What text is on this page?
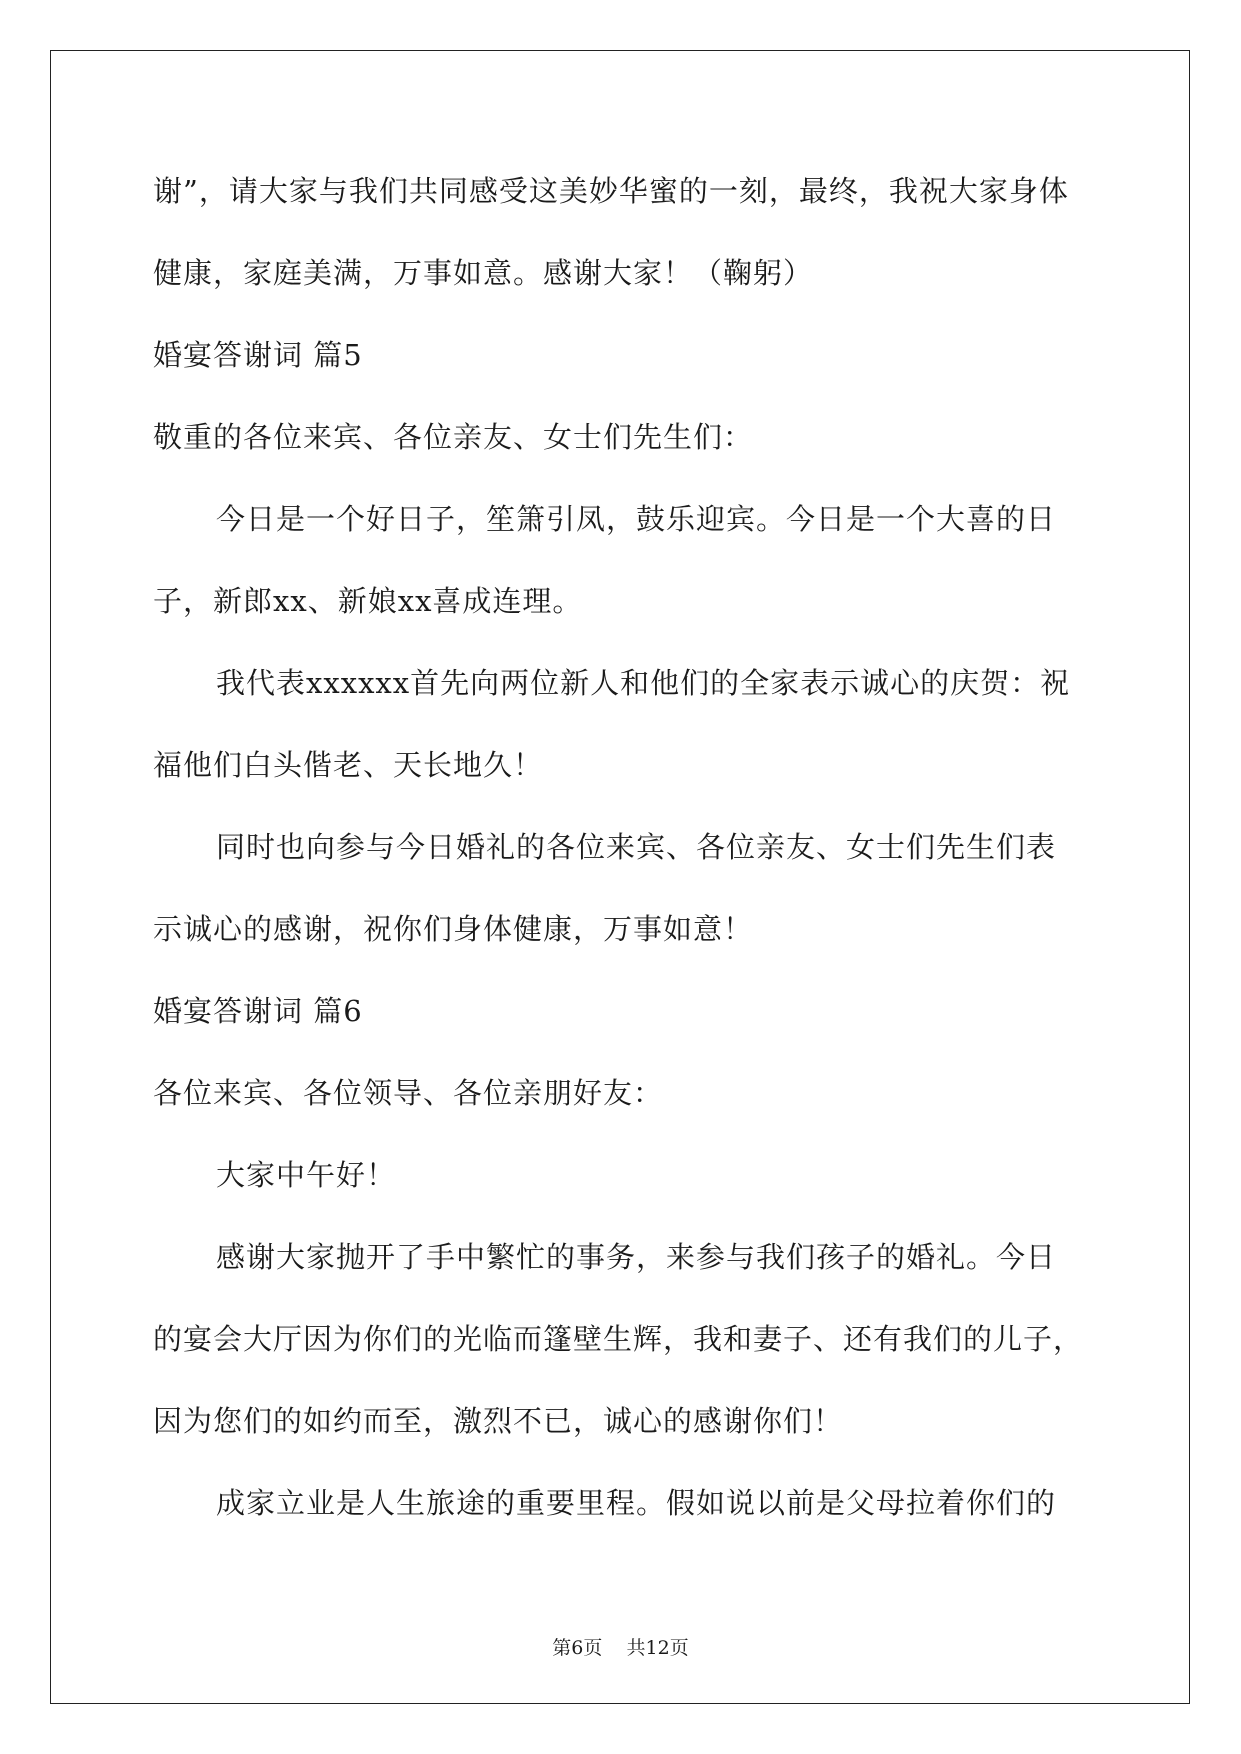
谢”，请大家与我们共同感受这美妙华蜜的一刻，最终，我祝大家身体
健康，家庭美满，万事如意。感谢大家！（鞠躬）
婚宴答谢词 篇5
敬重的各位来宾、各位亲友、女士们先生们：
今日是一个好日子，笙箫引凤，鼓乐迎宾。今日是一个大喜的日
子，新郎xx、新娘xx喜成连理。
我代表xxxxxx首先向两位新人和他们的全家表示诚心的庆贺：祝
福他们白头偕老、天长地久！
同时也向参与今日婚礼的各位来宾、各位亲友、女士们先生们表
示诚心的感谢，祝你们身体健康，万事如意！
婚宴答谢词 篇6
各位来宾、各位领导、各位亲朋好友：
大家中午好！
感谢大家抛开了手中繁忙的事务，来参与我们孩子的婚礼。今日
的宴会大厅因为你们的光临而篷壁生辉，我和妻子、还有我们的儿子，
因为您们的如约而至，激烈不已，诚心的感谢你们！
成家立业是人生旅途的重要里程。假如说以前是父母拉着你们的
第6页 共12页
